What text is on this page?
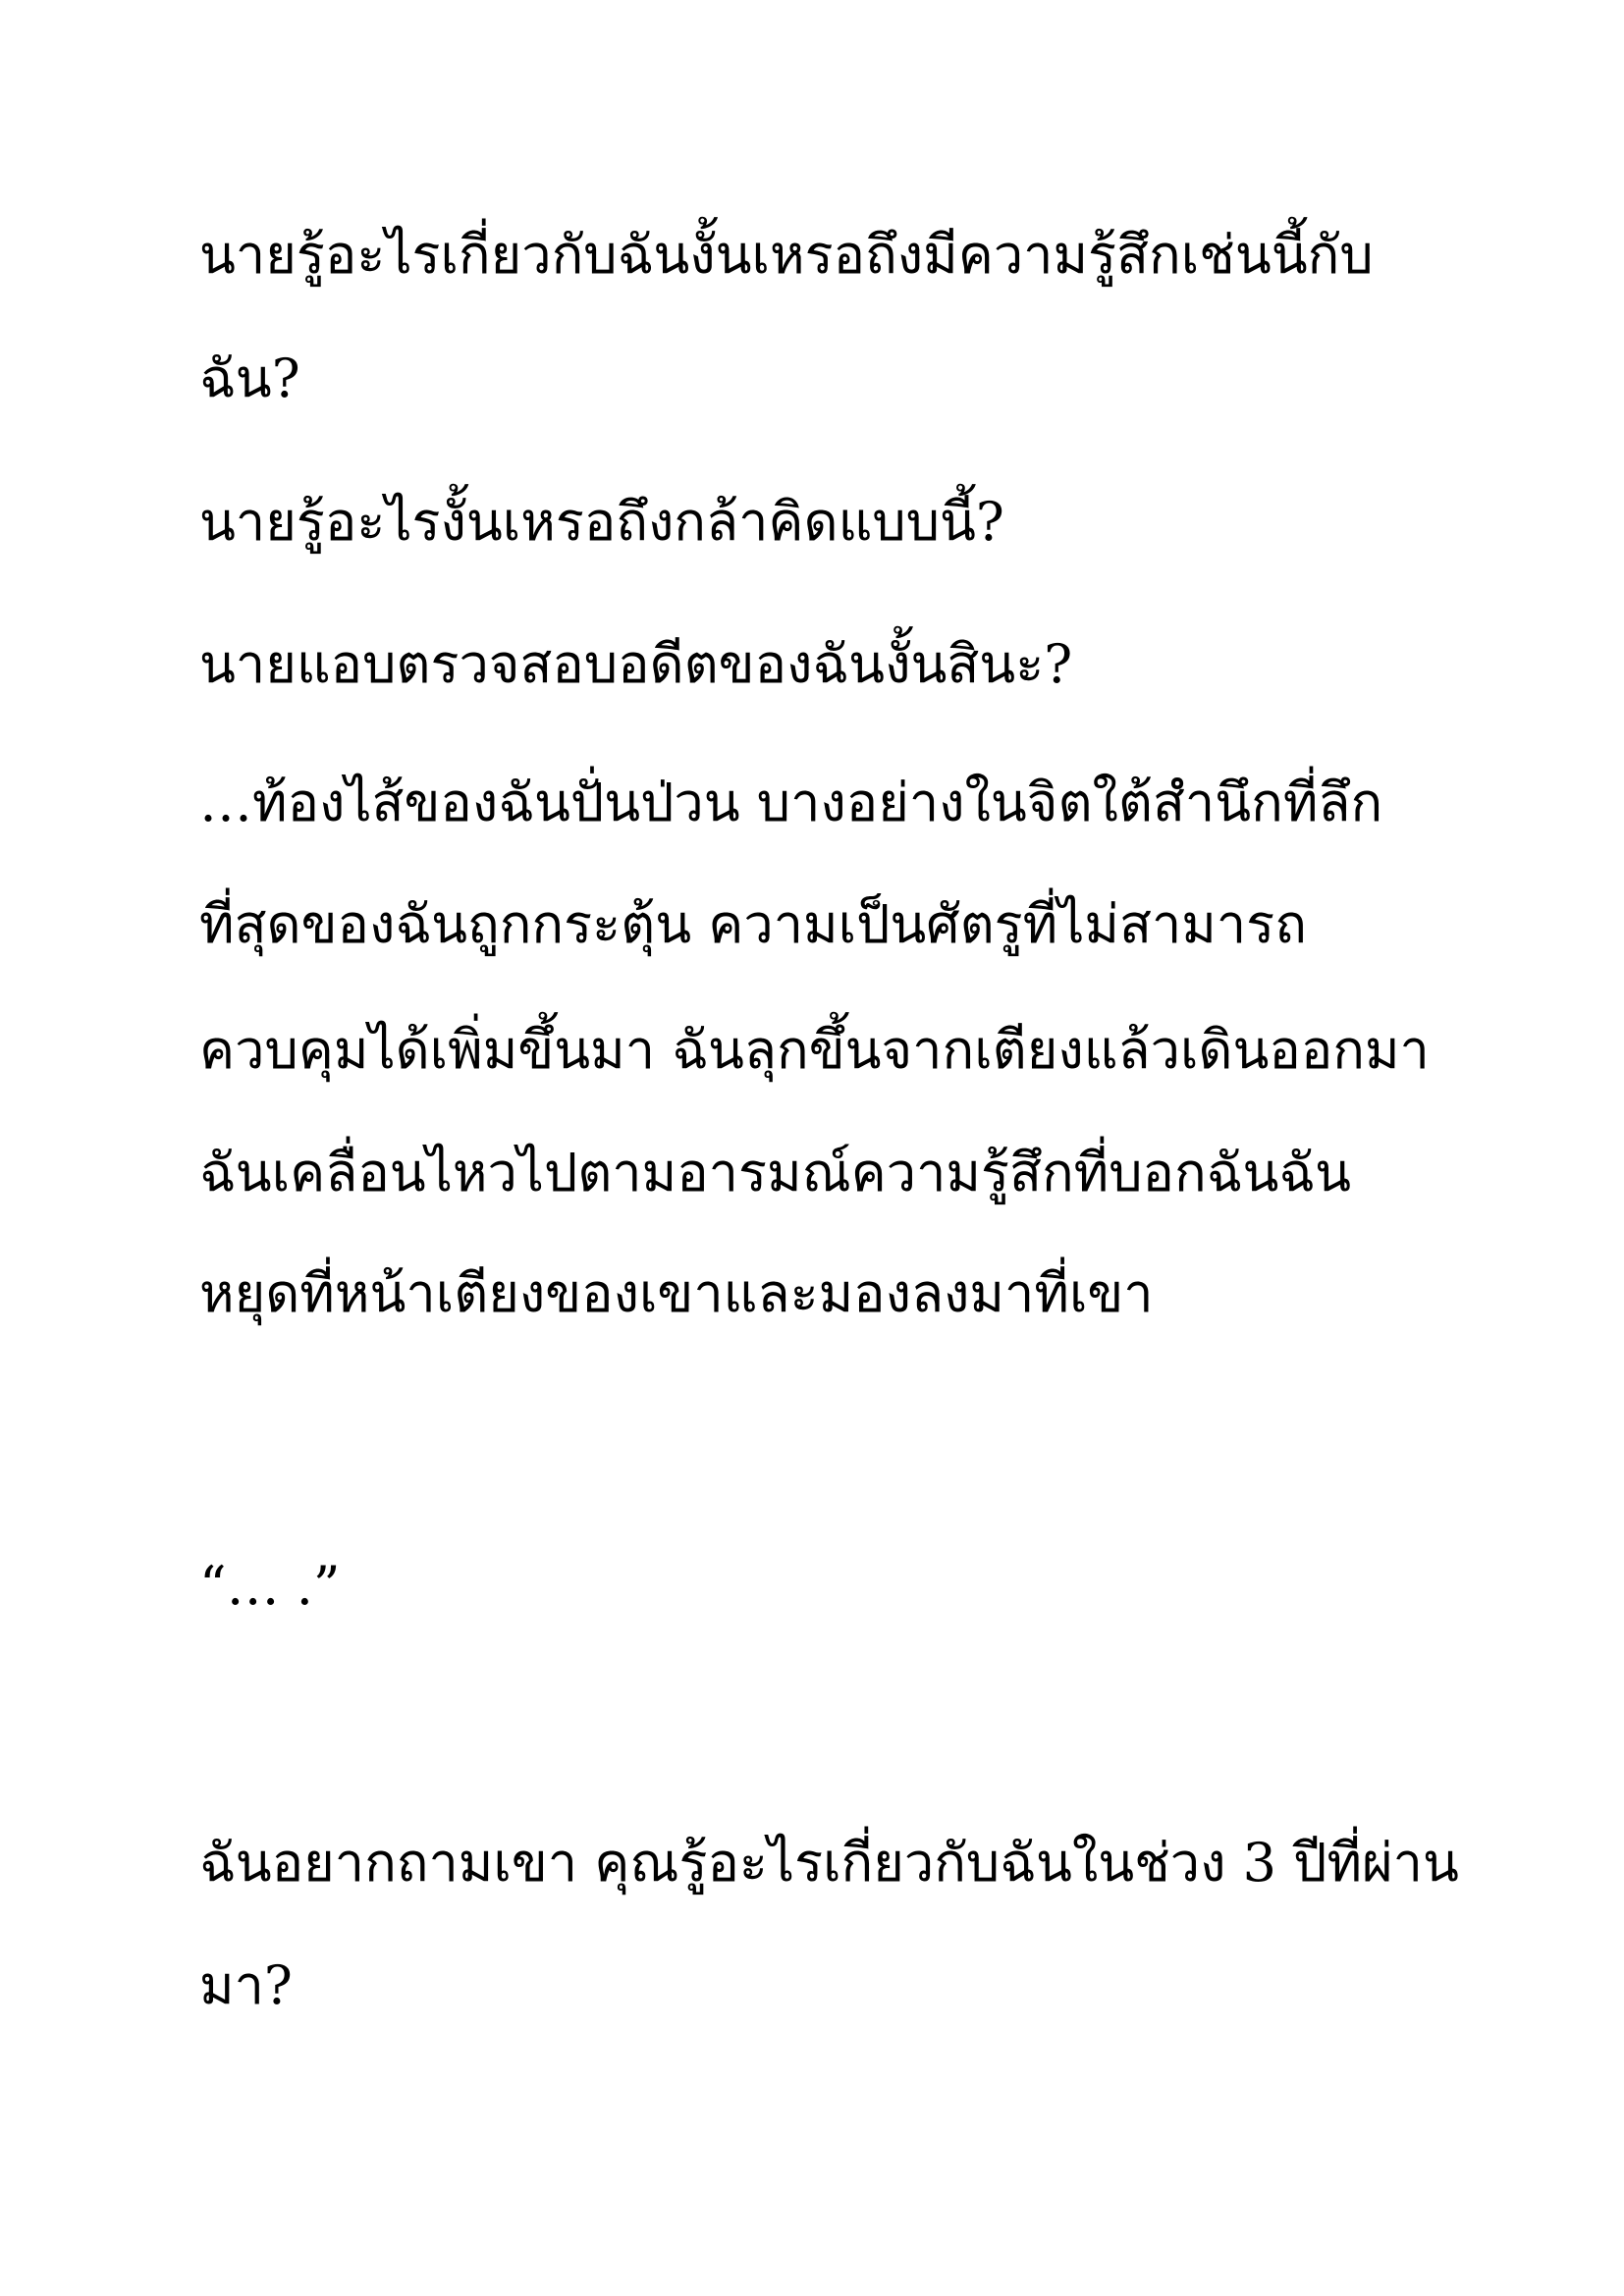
นายรู้อะไรเกี่ยวกับฉันงั้นเหรอถึงมีความรู้สึกเช่นนี้กับ

ฉัน?

นายรู้อะไรงั้นเหรอถึงกล้าคิดแบบนี้?

นายแอบตรวจสอบอดีตของฉันงั้นสินะ?

…ท้องไส้ของฉันปั่นป่วน บางอย่างในจิตใต้สำนึกที่ลึก

ที่สุดของฉันถูกกระตุ้น ความเป็นศัตรูที่ไม่สามารถ

ควบคุมได้เพิ่มขึ้นมา ฉันลุกขึ้นจากเตียงแล้วเดินออกมา

ฉันเคลื่อนไหวไปตามอารมณ์ความรู้สึกที่บอกฉันฉัน

หยุดที่หน้าเตียงของเขาและมองลงมาที่เขา

“… .”

ฉันอยากถามเขา คุณรู้อะไรเกี่ยวกับฉันในช่วง 3 ปีที่ผ่าน

มา?
